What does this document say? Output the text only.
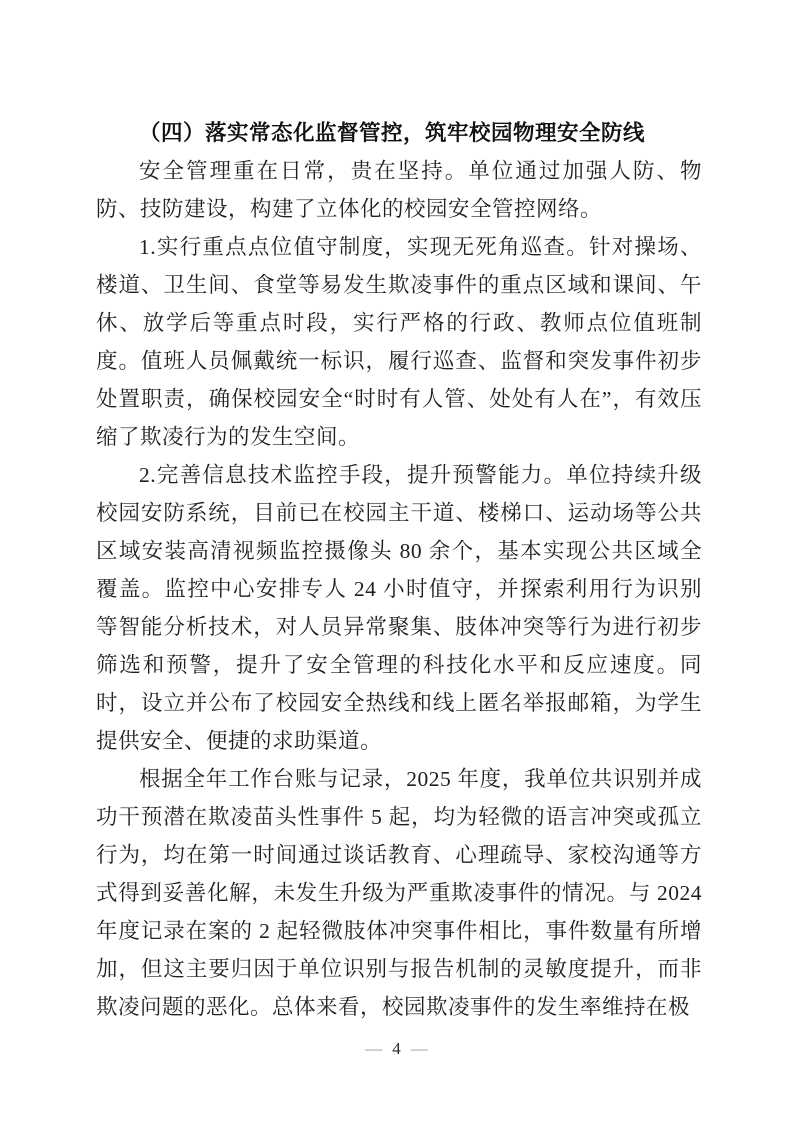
（四）落实常态化监督管控，筑牢校园物理安全防线

安全管理重在日常，贵在坚持。单位通过加强人防、物防、技防建设，构建了立体化的校园安全管控网络。

1.实行重点点位值守制度，实现无死角巡查。针对操场、楼道、卫生间、食堂等易发生欺凌事件的重点区域和课间、午休、放学后等重点时段，实行严格的行政、教师点位值班制度。值班人员佩戴统一标识，履行巡查、监督和突发事件初步处置职责，确保校园安全“时时有人管、处处有人在”，有效压缩了欺凌行为的发生空间。

2.完善信息技术监控手段，提升预警能力。单位持续升级校园安防系统，目前已在校园主干道、楼梯口、运动场等公共区域安装高清视频监控摄像头 80 余个，基本实现公共区域全覆盖。监控中心安排专人 24 小时值守，并探索利用行为识别等智能分析技术，对人员异常聚集、肢体冲突等行为进行初步筛选和预警，提升了安全管理的科技化水平和反应速度。同时，设立并公布了校园安全热线和线上匿名举报邮箱，为学生提供安全、便捷的求助渠道。

根据全年工作台账与记录，2025 年度，我单位共识别并成功干预潜在欺凌苗头性事件 5 起，均为轻微的语言冲突或孤立行为，均在第一时间通过谈话教育、心理疏导、家校沟通等方式得到妥善化解，未发生升级为严重欺凌事件的情况。与 2024 年度记录在案的 2 起轻微肢体冲突事件相比，事件数量有所增加，但这主要归因于单位识别与报告机制的灵敏度提升，而非欺凌问题的恶化。总体来看，校园欺凌事件的发生率维持在极

— 4 —
